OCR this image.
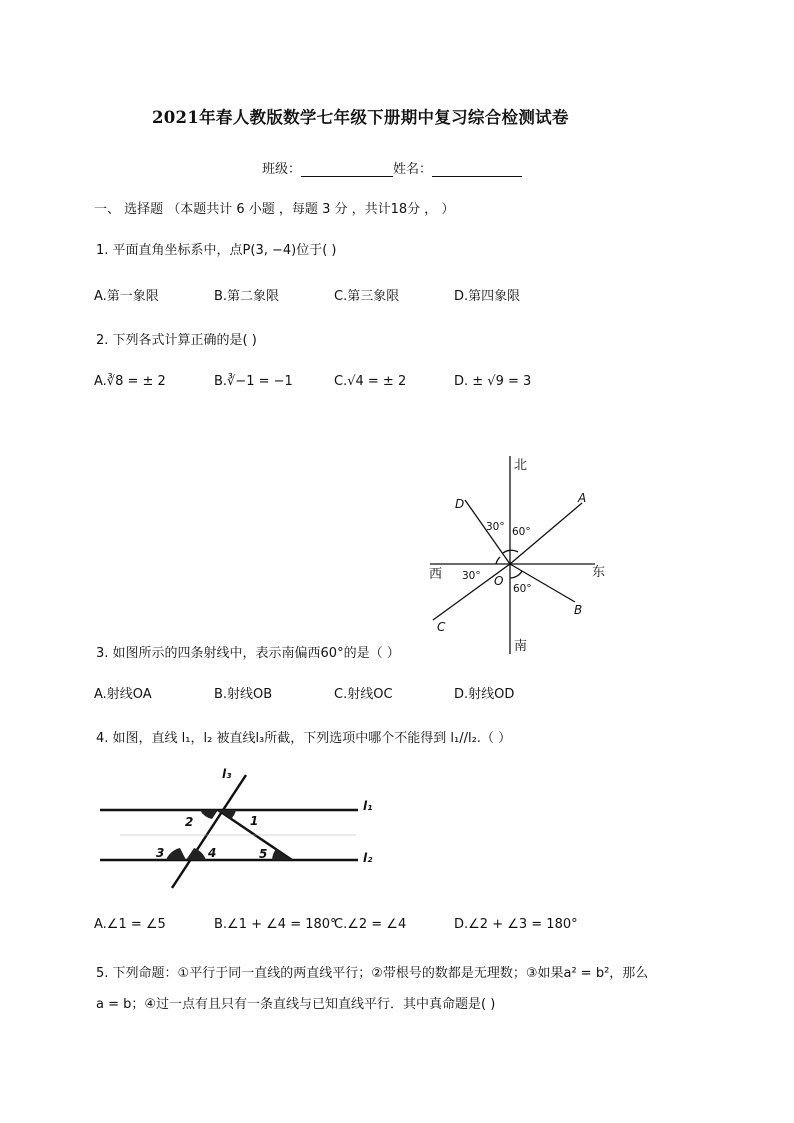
2021年春人教版数学七年级下册期中复习综合检测试卷
班级：	姓名：
一、 选择题 （本题共计 6 小题 ，每题 3 分 ，共计18分 ， ）
1. 平面直角坐标系中，点P(3, −4)位于( )
A.第一象限	B.第二象限	C.第三象限	D.第四象限
2. 下列各式计算正确的是( )
A.∛8 = ± 2	B.∛−1 = −1	C.√4 = ± 2	D. ± √9 = 3
北
南
东
西
A
B
C
D
O
30° 60°
30°
60°
3. 如图所示的四条射线中，表示南偏西60°的是（ ）
A.射线OA	B.射线OB	C.射线OC	D.射线OD
4. 如图，直线 l₁，l₂ 被直线l₃所截，下列选项中哪个不能得到 l₁//l₂.（ ）
l₃
l₁
l₂
1
2
3	4	5
A.∠1 = ∠5	B.∠1 + ∠4 = 180°
C.∠2 = ∠4	D.∠2 + ∠3 = 180°
5. 下列命题：①平行于同一直线的两直线平行；②带根号的数都是无理数；③如果a² = b²，那么
a = b；④过一点有且只有一条直线与已知直线平行．其中真命题是( )
